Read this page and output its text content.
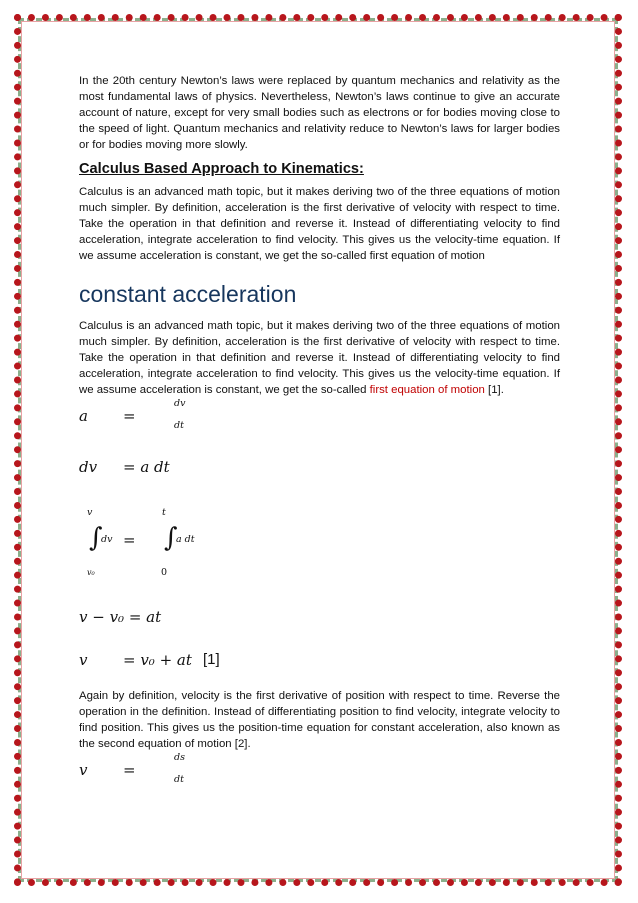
In the 20th century Newton’s laws were replaced by quantum mechanics and relativity as the most fundamental laws of physics. Nevertheless, Newton’s laws continue to give an accurate account of nature, except for very small bodies such as electrons or for bodies moving close to the speed of light. Quantum mechanics and relativity reduce to Newton’s laws for larger bodies or for bodies moving more slowly.

Calculus Based Approach to Kinematics:

Calculus is an advanced math topic, but it makes deriving two of the three equations of motion much simpler. By definition, acceleration is the first derivative of velocity with respect to time. Take the operation in that definition and reverse it. Instead of differentiating velocity to find acceleration, integrate acceleration to find velocity. This gives us the velocity-time equation. If we assume acceleration is constant, we get the so-called first equation of motion

constant acceleration

Calculus is an advanced math topic, but it makes deriving two of the three equations of motion much simpler. By definition, acceleration is the first derivative of velocity with respect to time. Take the operation in that definition and reverse it. Instead of differentiating velocity to find acceleration, integrate acceleration to find velocity. This gives us the velocity-time equation. If we assume acceleration is constant, we get the so-called first equation of motion [1].

dv
a =
dt
dv = a dt
v	t
∫
dv = ∫
a dt
v₀	0
v − v₀ = at
v = v₀ + at [1]

Again by definition, velocity is the first derivative of position with respect to time. Reverse the operation in the definition. Instead of differentiating position to find velocity, integrate velocity to find position. This gives us the position-time equation for constant acceleration, also known as the second equation of motion [2].

ds
v =
dt
